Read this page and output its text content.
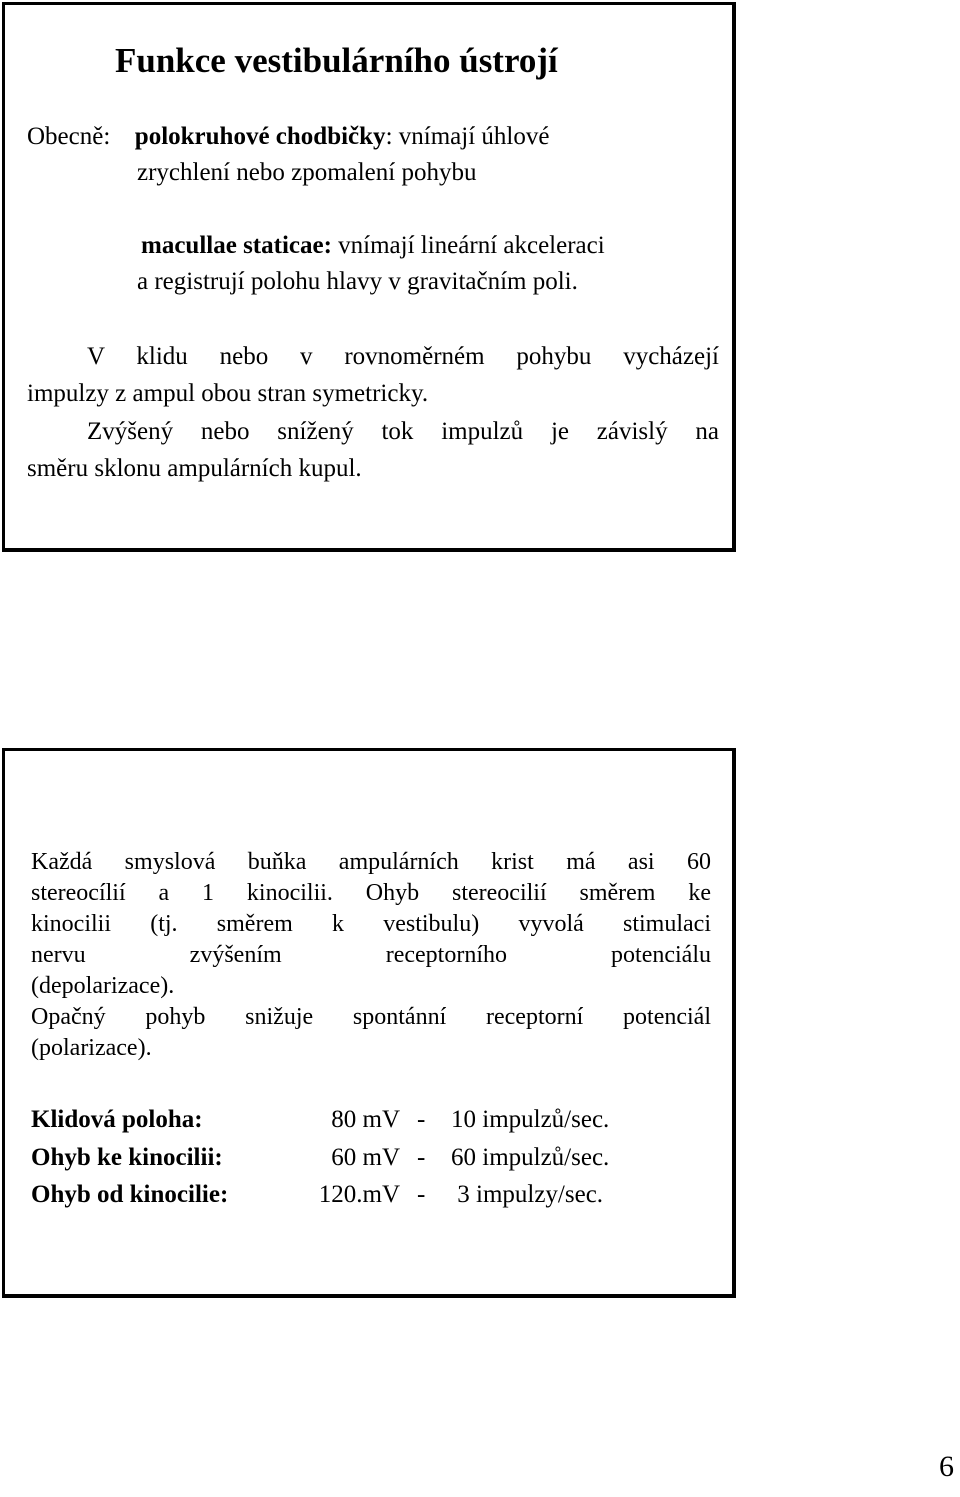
Funkce vestibulárního ústrojí

Obecně: polokruhové chodbičky: vnímají úhlové

zrychlení nebo zpomalení pohybu

macullae staticae: vnímají lineární akceleraci

a registrují polohu hlavy v gravitačním poli.

V klidu nebo v rovnoměrném pohybu vycházejí

impulzy z ampul obou stran symetricky.

Zvýšený nebo snížený tok impulzů je závislý na

směru sklonu ampulárních kupul.

Každá smyslová buňka ampulárních krist má asi 60
stereocílií a 1 kinocilii. Ohyb stereocilií směrem ke
kinocilii (tj. směrem k vestibulu) vyvolá stimulaci
nervu zvýšením receptorního potenciálu
(depolarizace).
Opačný pohyb snižuje spontánní receptorní potenciál
(polarizace).
Klidová poloha:	80 mV - 10 impulzů/sec.
Ohyb ke kinocilii:	60 mV - 60 impulzů/sec.
Ohyb od kinocilie:	120.mV - 3 impulzy/sec.
6
